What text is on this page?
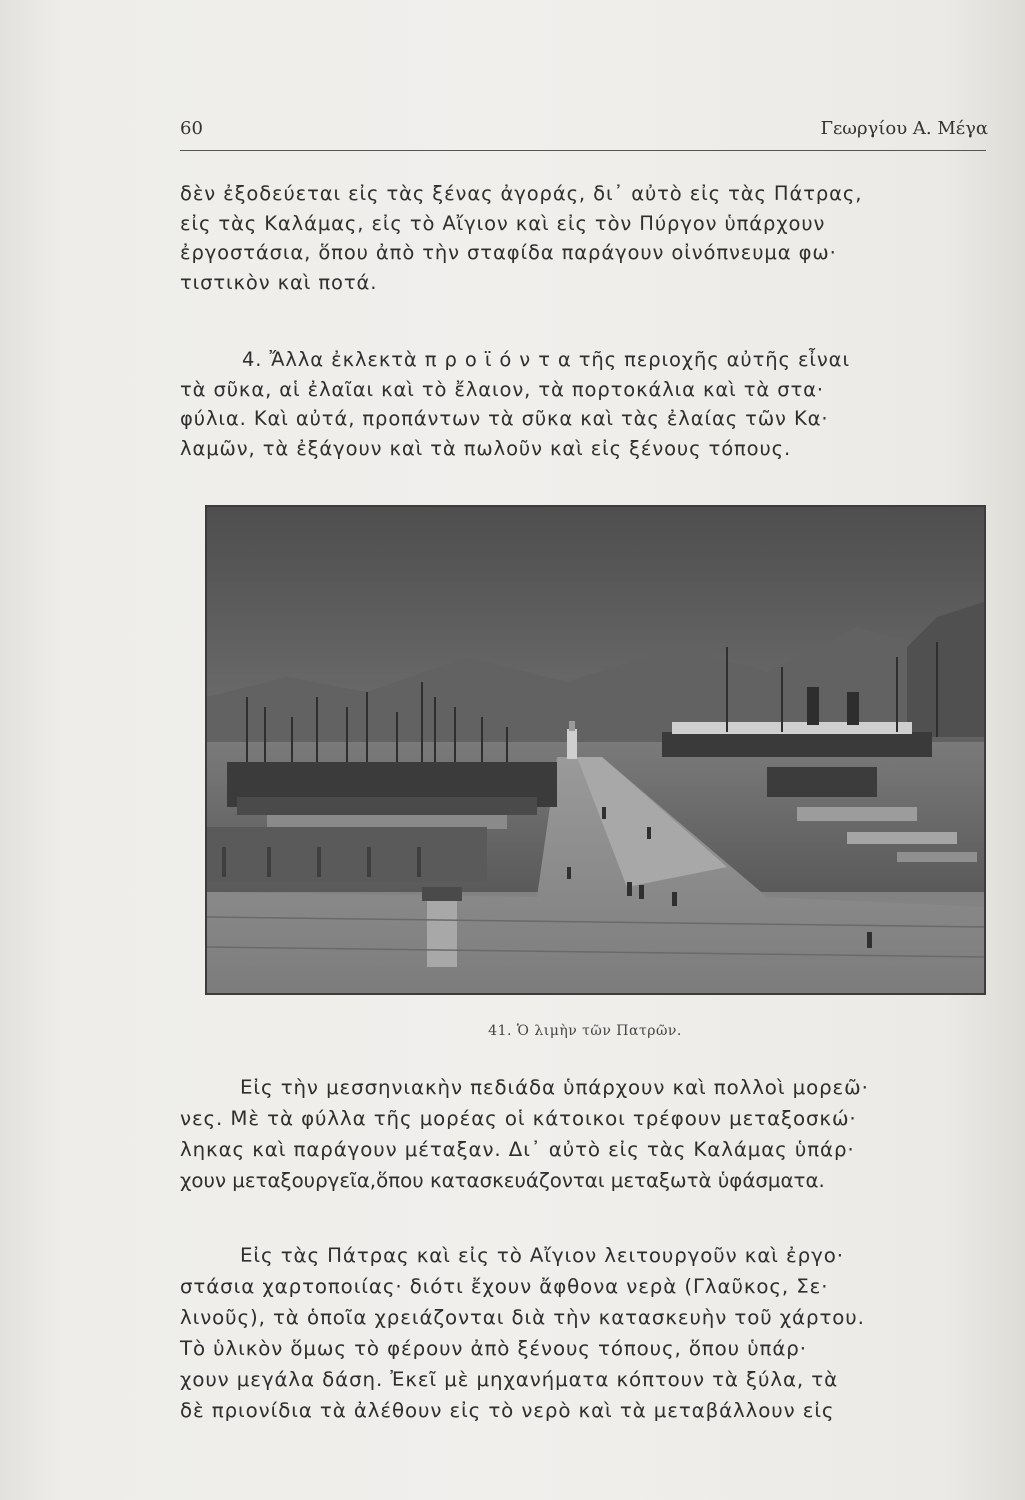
60	Γεωργίου Α. Μέγα
δὲν ἐξοδεύεται εἰς τὰς ξένας ἀγοράς, δι᾿ αὐτὸ εἰς τὰς Πάτρας,
εἰς τὰς Καλάμας, εἰς τὸ Αἴγιον καὶ εἰς τὸν Πύργον ὑπάρχουν
ἐργοστάσια, ὅπου ἀπὸ τὴν σταφίδα παράγουν οἰνόπνευμα φω·
τιστικὸν καὶ ποτά.
4. Ἄλλα ἐκλεκτὰ π ρ ο ϊ ό ν τ α τῆς περιοχῆς αὐτῆς εἶναι
τὰ σῦκα, αἱ ἐλαῖαι καὶ τὸ ἔλαιον, τὰ πορτοκάλια καὶ τὰ στα·
φύλια. Καὶ αὐτά, προπάντων τὰ σῦκα καὶ τὰς ἐλαίας τῶν Κα·
λαμῶν, τὰ ἐξάγουν καὶ τὰ πωλοῦν καὶ εἰς ξένους τόπους.
41. Ὁ λιμὴν τῶν Πατρῶν.
Εἰς τὴν μεσσηνιακὴν πεδιάδα ὑπάρχουν καὶ πολλοὶ μορεῶ·
νες. Μὲ τὰ φύλλα τῆς μορέας οἱ κάτοικοι τρέφουν μεταξοσκώ·
ληκας καὶ παράγουν μέταξαν. Δι᾿ αὐτὸ εἰς τὰς Καλάμας ὑπάρ·
χουν μεταξουργεῖα,ὅπου κατασκευάζονται μεταξωτὰ ὑφάσματα.
Εἰς τὰς Πάτρας καὶ εἰς τὸ Αἴγιον λειτουργοῦν καὶ ἐργο·
στάσια χαρτοποιίας· διότι ἔχουν ἄφθονα νερὰ (Γλαῦκος, Σε·
λινοῦς), τὰ ὁποῖα χρειάζονται διὰ τὴν κατασκευὴν τοῦ χάρτου.
Τὸ ὑλικὸν ὅμως τὸ φέρουν ἀπὸ ξένους τόπους, ὅπου ὑπάρ·
χουν μεγάλα δάση. Ἐκεῖ μὲ μηχανήματα κόπτουν τὰ ξύλα, τὰ
δὲ πριονίδια τὰ ἀλέθουν εἰς τὸ νερὸ καὶ τὰ μεταβάλλουν εἰς
